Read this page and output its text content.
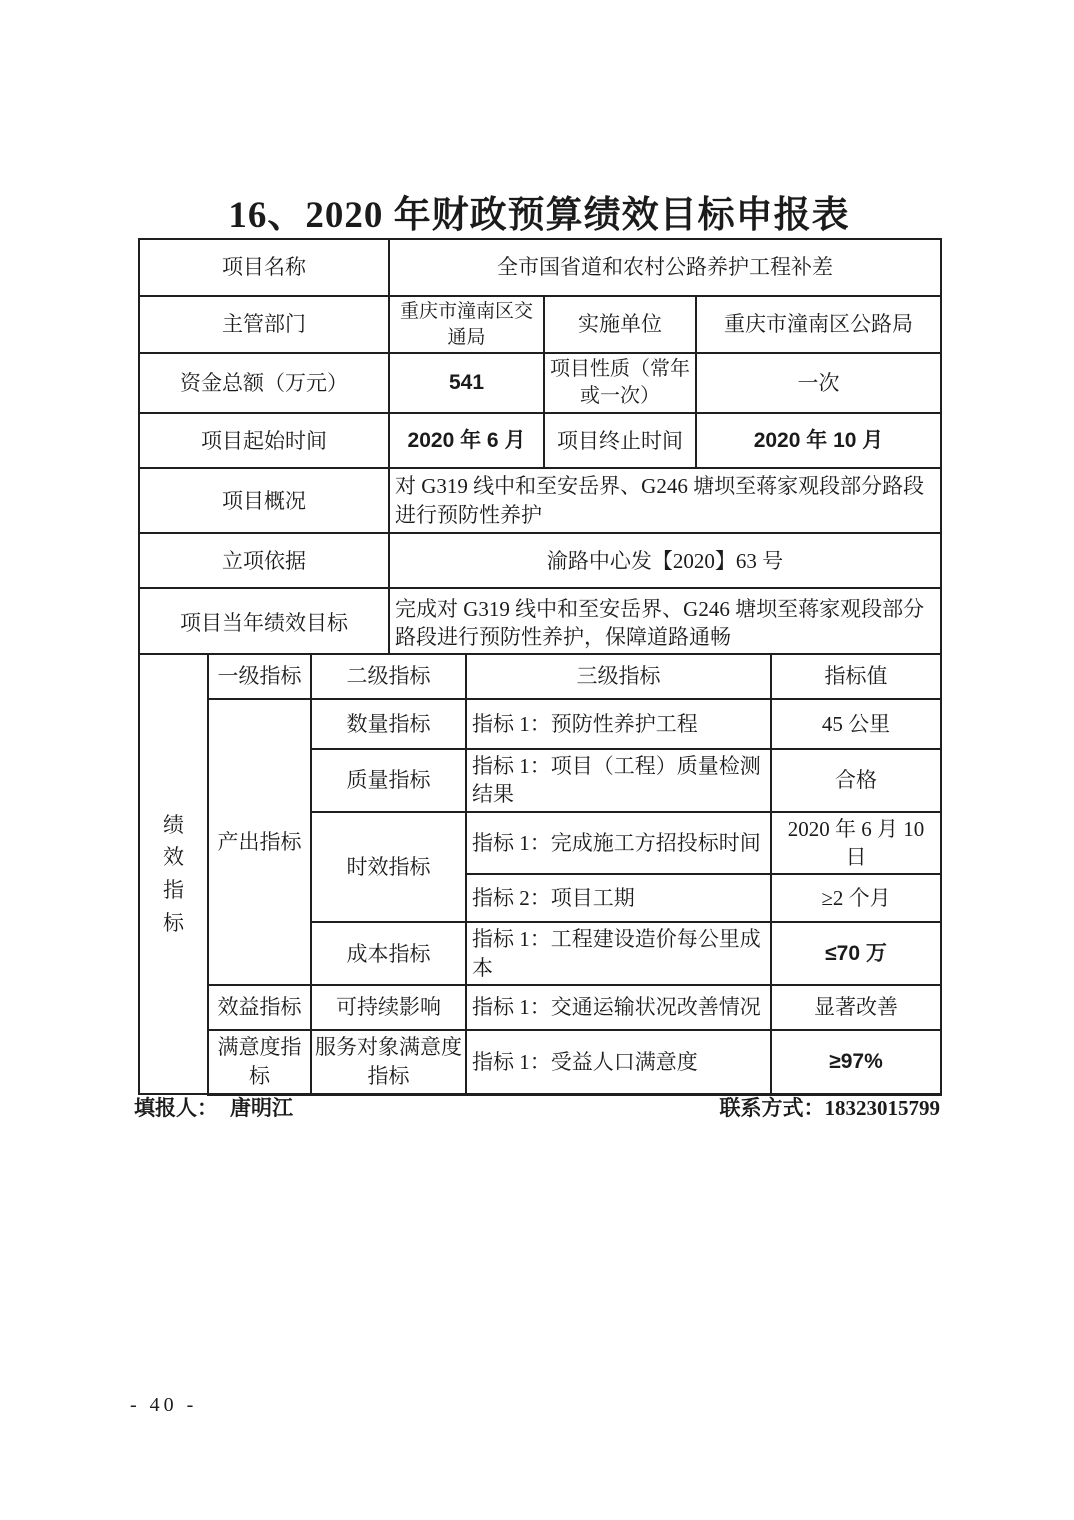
16、2020 年财政预算绩效目标申报表
项目名称	全市国省道和农村公路养护工程补差		
主管部门	重庆市潼南区交通局	实施单位	重庆市潼南区公路局
资金总额（万元）	541	项目性质（常年或一次）	一次
项目起始时间	2020 年 6 月	项目终止时间	2020 年 10 月
项目概况	对 G319 线中和至安岳界、G246 塘坝至蒋家观段部分路段进行预防性养护		
立项依据	渝路中心发【2020】63 号		
项目当年绩效目标	完成对 G319 线中和至安岳界、G246 塘坝至蒋家观段部分路段进行预防性养护，保障道路通畅		
绩效指标	一级指标	二级指标	三级指标	指标值
	产出指标	数量指标	指标 1：预防性养护工程	45 公里
		质量指标	指标 1：项目（工程）质量检测结果	合格
		时效指标	指标 1：完成施工方招投标时间	2020 年 6 月 10 日
			指标 2：项目工期	≥2 个月
		成本指标	指标 1：工程建设造价每公里成本	≤70 万
	效益指标	可持续影响	指标 1：交通运输状况改善情况	显著改善
	满意度指标	服务对象满意度指标	指标 1：受益人口满意度	≥97%
填报人： 唐明江	联系方式：18323015799
- 40 -
